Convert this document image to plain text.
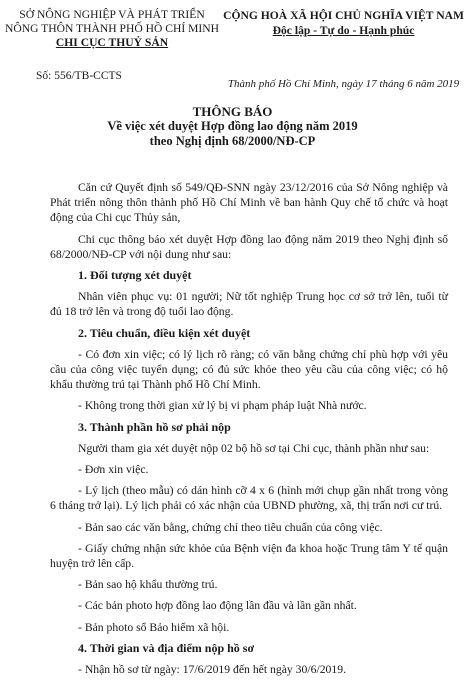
SỞ NÔNG NGHIỆP VÀ PHÁT TRIỂN
NÔNG THÔN THÀNH PHỐ HỒ CHÍ MINH
CHI CỤC THUỶ SẢN
CỘNG HOÀ XÃ HỘI CHỦ NGHĨA VIỆT NAM
Độc lập - Tự do - Hạnh phúc
Số: 556/TB-CCTS
Thành phố Hồ Chí Minh, ngày 17 tháng 6 năm 2019
THÔNG BÁO
Về việc xét duyệt Hợp đồng lao động năm 2019
theo Nghị định 68/2000/NĐ-CP

Căn cứ Quyết định số 549/QĐ-SNN ngày 23/12/2016 của Sở Nông nghiệp và Phát triển nông thôn thành phố Hồ Chí Minh về ban hành Quy chế tổ chức và hoạt động của Chi cục Thủy sản,

Chi cục thông báo xét duyệt Hợp đồng lao động năm 2019 theo Nghị định số 68/2000/NĐ-CP với nội dung như sau:

1. Đối tượng xét duyệt

Nhân viên phục vụ: 01 người; Nữ tốt nghiệp Trung học cơ sở trở lên, tuổi từ đủ 18 trở lên và trong độ tuổi lao động.

2. Tiêu chuẩn, điều kiện xét duyệt

- Có đơn xin việc; có lý lịch rõ ràng; có văn bằng chứng chỉ phù hợp với yêu cầu của công việc tuyển dụng; có đủ sức khỏe theo yêu cầu của công việc; có hộ khẩu thường trú tại Thành phố Hồ Chí Minh.

- Không trong thời gian xử lý bị vi phạm pháp luật Nhà nước.

3. Thành phần hồ sơ phải nộp

Người tham gia xét duyệt nộp 02 bộ hồ sơ tại Chi cục, thành phần như sau:

- Đơn xin việc.

- Lý lịch (theo mẫu) có dán hình cỡ 4 x 6 (hình mới chụp gần nhất trong vòng 6 tháng trở lại). Lý lịch phải có xác nhận của UBND phường, xã, thị trấn nơi cư trú.

- Bản sao các văn bằng, chứng chỉ theo tiêu chuẩn của công việc.

- Giấy chứng nhận sức khỏe của Bệnh viện đa khoa hoặc Trung tâm Y tế quận huyện trở lên cấp.

- Bản sao hộ khẩu thường trú.

- Các bản photo hợp đồng lao động lần đầu và lần gần nhất.

- Bản photo sổ Bảo hiểm xã hội.

4. Thời gian và địa điểm nộp hồ sơ

- Nhận hồ sơ từ ngày: 17/6/2019 đến hết ngày 30/6/2019.
